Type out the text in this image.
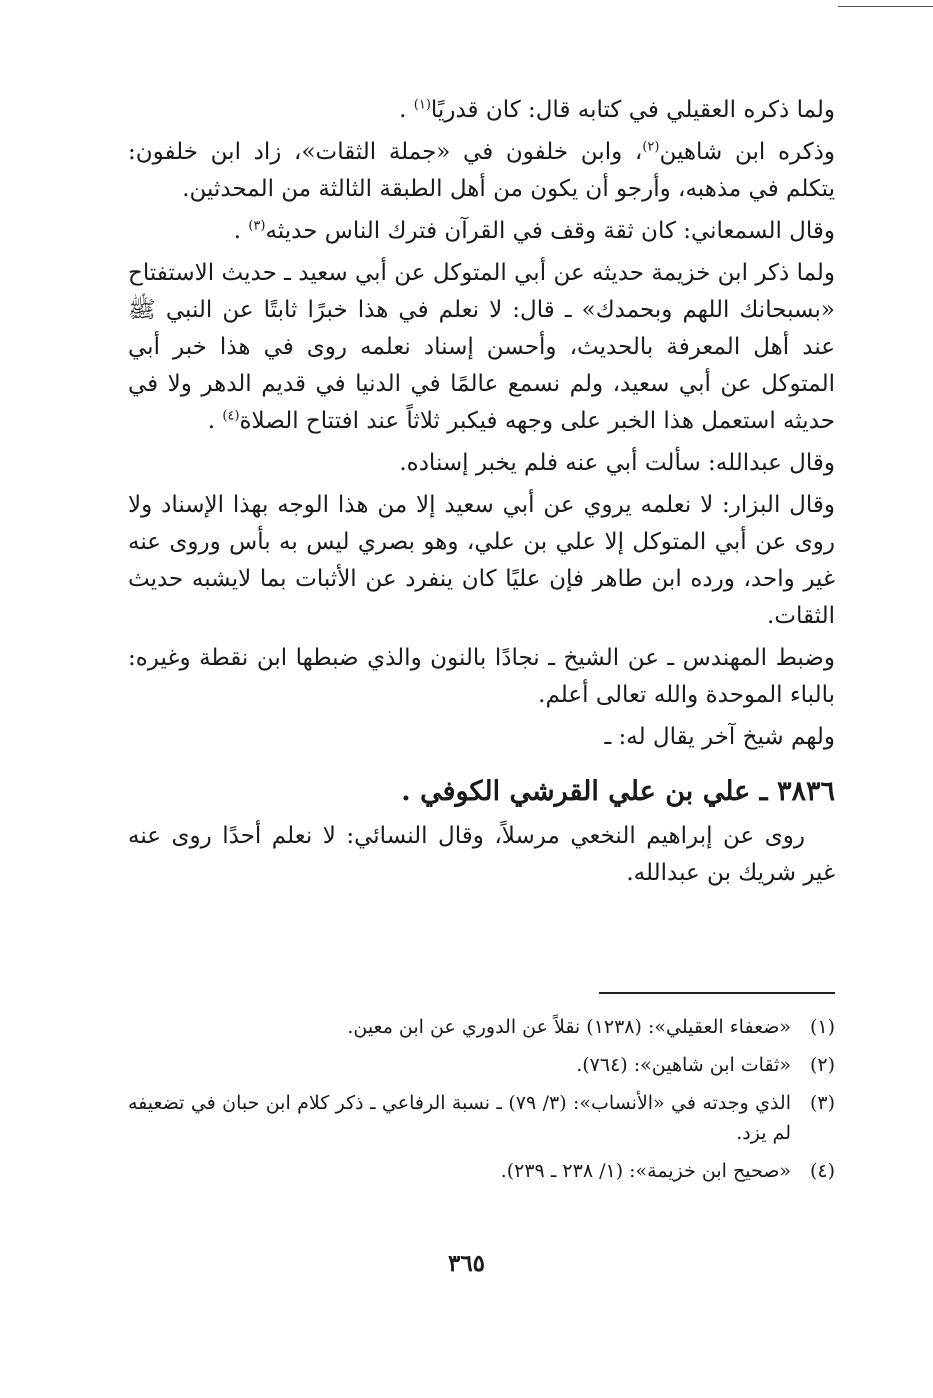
ولما ذكره العقيلي في كتابه قال: كان قدريًا$^{(١)}$ .

وذكره ابن شاهين$^{(٢)}$، وابن خلفون في «جملة الثقات»، زاد ابن خلفون: يتكلم في مذهبه، وأرجو أن يكون من أهل الطبقة الثالثة من المحدثين.

وقال السمعاني: كان ثقة وقف في القرآن فترك الناس حديثه$^{(٣)}$ .

ولما ذكر ابن خزيمة حديثه عن أبي المتوكل عن أبي سعيد ـ حديث الاستفتاح «بسبحانك اللهم وبحمدك» ـ قال: لا نعلم في هذا خبرًا ثابتًا عن النبي ﷺ عند أهل المعرفة بالحديث، وأحسن إسناد نعلمه روى في هذا خبر أبي المتوكل عن أبي سعيد، ولم نسمع عالمًا في الدنيا في قديم الدهر ولا في حديثه استعمل هذا الخبر على وجهه فيكبر ثلاثاً عند افتتاح الصلاة$^{(٤)}$ .

وقال عبدالله: سألت أبي عنه فلم يخبر إسناده.

وقال البزار: لا نعلمه يروي عن أبي سعيد إلا من هذا الوجه بهذا الإسناد ولا روى عن أبي المتوكل إلا علي بن علي، وهو بصري ليس به بأس وروى عنه غير واحد، ورده ابن طاهر فإن عليًا كان ينفرد عن الأثبات بما لايشبه حديث الثقات.

وضبط المهندس ـ عن الشيخ ـ نجادًا بالنون والذي ضبطها ابن نقطة وغيره: بالباء الموحدة والله تعالى أعلم.

ولهم شيخ آخر يقال له: ـ

٣٨٣٦ ـ علي بن علي القرشي الكوفي .

روى عن إبراهيم النخعي مرسلاً، وقال النسائي: لا نعلم أحدًا روى عنه غير شريك بن عبدالله.

(١)
«ضعفاء العقيلي»: (١٢٣٨) نقلاً عن الدوري عن ابن معين.
(٢)
«ثقات ابن شاهين»: (٧٦٤).
(٣)
الذي وجدته في «الأنساب»: (٣/ ٧٩) ـ نسبة الرفاعي ـ ذكر كلام ابن حبان في تضعيفه لم يزد.
(٤)
«صحيح ابن خزيمة»: (١/ ٢٣٨ ـ ٢٣٩).
٣٦٥
